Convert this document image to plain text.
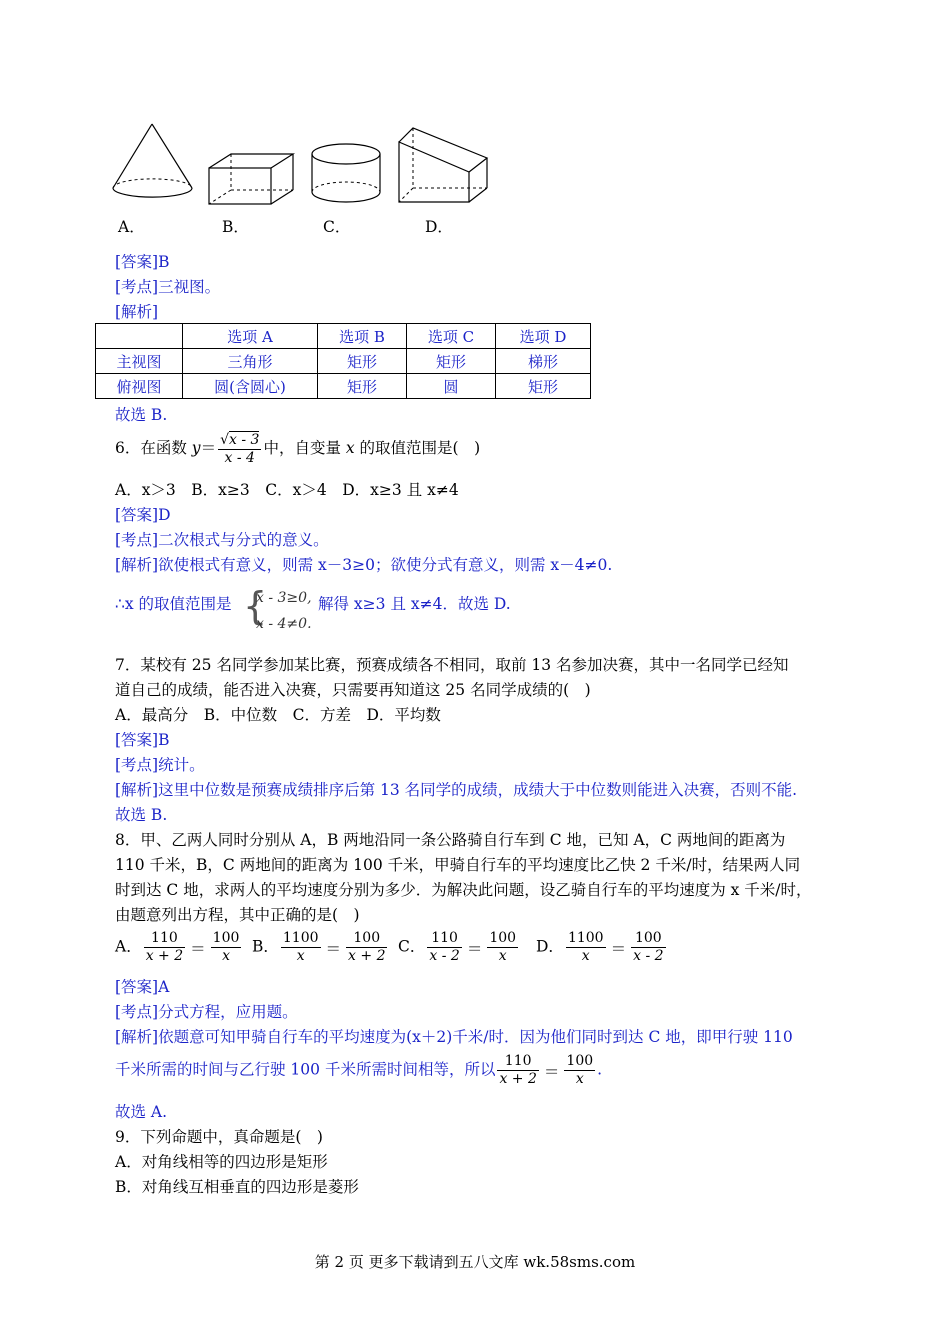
A．	B．	C．	D．
[答案]B
[考点]三视图。
[解析]
	选项 A	选项 B	选项 C	选项 D
主视图	三角形	矩形	矩形	梯形
俯视图	圆(含圆心)	矩形	圆	矩形
故选 B.
6．在函数 $y= \frac{√x - 3}{x - 4}$ 中，自变量 x 的取值范围是(　)
A．x＞3　B．x≥3　C．x＞4　D．x≥3 且 x≠4
[答案]D
[考点]二次根式与分式的意义。
[解析]欲使根式有意义，则需 x－3≥0；欲使分式有意义，则需 x－4≠0.
∴x 的取值范围是 {
x - 3≥0,
x - 4≠0.
解得 x≥3 且 x≠4．故选 D.
7．某校有 25 名同学参加某比赛，预赛成绩各不相同，取前 13 名参加决赛，其中一名同学已经知
道自己的成绩，能否进入决赛，只需要再知道这 25 名同学成绩的(　)
A．最高分　B．中位数　C．方差　D．平均数
[答案]B
[考点]统计。
[解析]这里中位数是预赛成绩排序后第 13 名同学的成绩，成绩大于中位数则能进入决赛，否则不能.
故选 B.
8．甲、乙两人同时分别从 A，B 两地沿同一条公路骑自行车到 C 地，已知 A，C 两地间的距离为
110 千米，B，C 两地间的距离为 100 千米，甲骑自行车的平均速度比乙快 2 千米/时，结果两人同
时到达 C 地，求两人的平均速度分别为多少．为解决此问题，设乙骑自行车的平均速度为 x 千米/时，
由题意列出方程，其中正确的是(　)
A． $\frac{110}{x + 2} = \frac{100}{x}$ B． $\frac{1100}{x} = \frac{100}{x + 2}$ C． $\frac{110}{x - 2} = \frac{100}{x}$ D． $\frac{1100}{x} = \frac{100}{x - 2}$
[答案]A
[考点]分式方程，应用题。
[解析]依题意可知甲骑自行车的平均速度为(x＋2)千米/时．因为他们同时到达 C 地，即甲行驶 110
千米所需的时间与乙行驶 100 千米所需时间相等，所以 $\frac{110}{x + 2} = \frac{100}{x}$ .
故选 A.
9．下列命题中，真命题是(　)
A．对角线相等的四边形是矩形
B．对角线互相垂直的四边形是菱形
第 2 页 更多下载请到五八文库 wk.58sms.com
